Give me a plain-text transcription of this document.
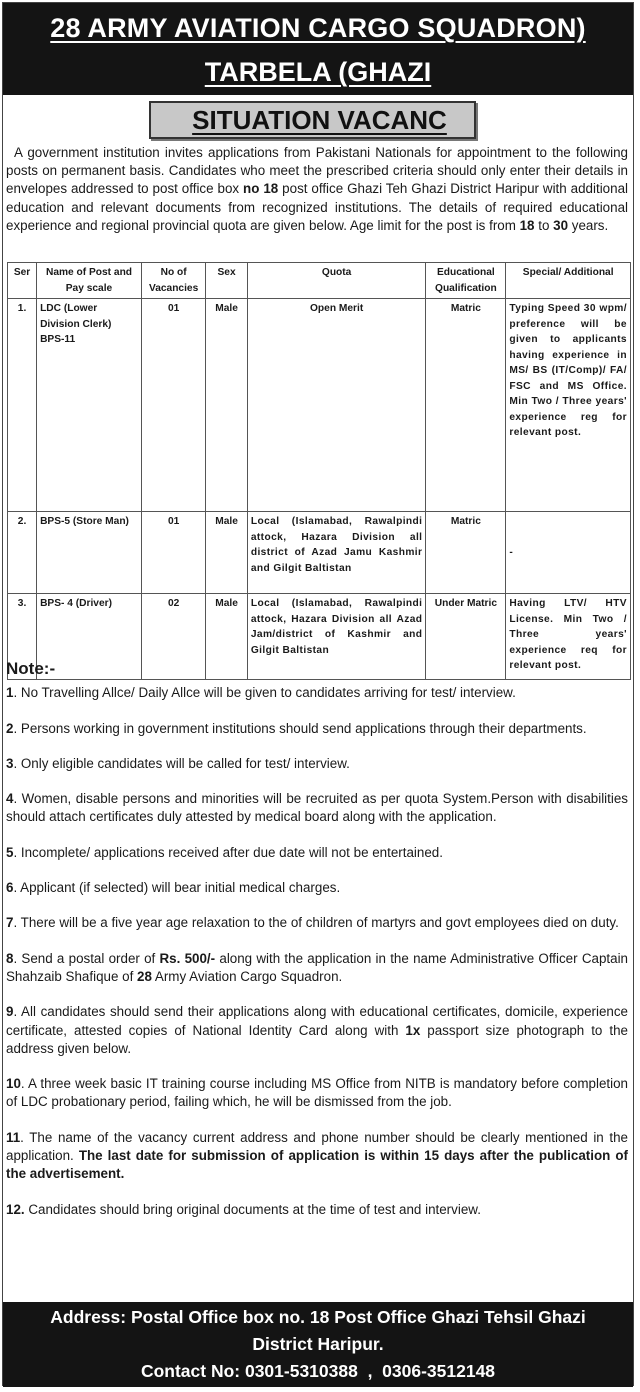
28 ARMY AVIATION CARGO SQUADRON)
TARBELA (GHAZI
SITUATION VACANC
A government institution invites applications from Pakistani Nationals for appointment to the following posts on permanent basis. Candidates who meet the prescribed criteria should only enter their details in envelopes addressed to post office box no 18 post office Ghazi Teh Ghazi District Haripur with additional education and relevant documents from recognized institutions. The details of required educational experience and regional provincial quota are given below. Age limit for the post is from 18 to 30 years.
Ser	Name of Post and Pay scale	No of Vacancies	Sex	Quota	Educational Qualification	Special/ Additional
1.	LDC (Lower Division Clerk) BPS-11	01	Male	Open Merit	Matric	Typing Speed 30 wpm/ preference will be given to applicants having experience in MS/ BS (IT/Comp)/ FA/ FSC and MS Office. Min Two / Three years' experience reg for relevant post.
2.	BPS-5 (Store Man)	01	Male	Local (Islamabad, Rawalpindi attock, Hazara Division all district of Azad Jamu Kashmir and Gilgit Baltistan	Matric	-
3.	BPS- 4 (Driver)	02	Male	Local (Islamabad, Rawalpindi attock, Hazara Division all Azad Jam/district of Kashmir and Gilgit Baltistan	Under Matric	Having LTV/ HTV License. Min Two / Three years' experience req for relevant post.
Note:-
1. No Travelling Allce/ Daily Allce will be given to candidates arriving for test/ interview.
2. Persons working in government institutions should send applications through their departments.
3. Only eligible candidates will be called for test/ interview.
4. Women, disable persons and minorities will be recruited as per quota System.Person with disabilities should attach certificates duly attested by medical board along with the application.
5. Incomplete/ applications received after due date will not be entertained.
6. Applicant (if selected) will bear initial medical charges.
7. There will be a five year age relaxation to the of children of martyrs and govt employees died on duty.
8. Send a postal order of Rs. 500/- along with the application in the name Administrative Officer Captain Shahzaib Shafique of 28 Army Aviation Cargo Squadron.
9. All candidates should send their applications along with educational certificates, domicile, experience certificate, attested copies of National Identity Card along with 1x passport size photograph to the address given below.
10. A three week basic IT training course including MS Office from NITB is mandatory before completion of LDC probationary period, failing which, he will be dismissed from the job.
11. The name of the vacancy current address and phone number should be clearly mentioned in the application. The last date for submission of application is within 15 days after the publication of the advertisement.
12. Candidates should bring original documents at the time of test and interview.
Address: Postal Office box no. 18 Post Office Ghazi Tehsil Ghazi
District Haripur.
Contact No: 0301-5310388  ,  0306-3512148
